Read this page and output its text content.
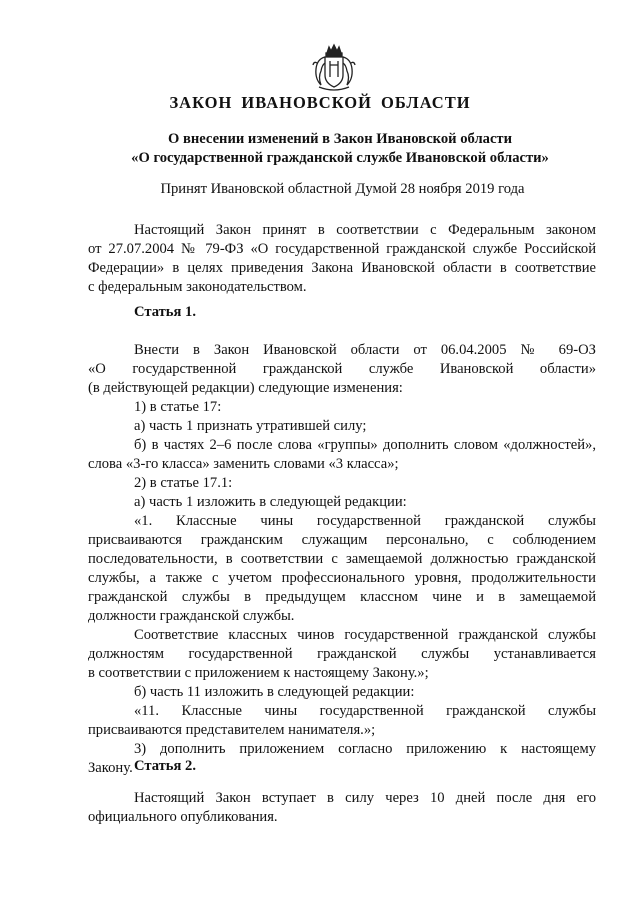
ЗАКОН ИВАНОВСКОЙ ОБЛАСТИ
О внесении изменений в Закон Ивановской области
«О государственной гражданской службе Ивановской области»
Принят Ивановской областной Думой 28 ноября 2019 года
Настоящий Закон принят в соответствии с Федеральным законом
от 27.07.2004 № 79-ФЗ «О государственной гражданской службе Российской
Федерации» в целях приведения Закона Ивановской области в соответствие
с федеральным законодательством.
Статья 1.
Внести в Закон Ивановской области от 06.04.2005 № 69-ОЗ
«О государственной гражданской службе Ивановской области»
(в действующей редакции) следующие изменения:
1) в статье 17:
а) часть 1 признать утратившей силу;
б) в частях 2–6 после слова «группы» дополнить словом «должностей»,
слова «3-го класса» заменить словами «3 класса»;
2) в статье 17.1:
а) часть 1 изложить в следующей редакции:
«1. Классные чины государственной гражданской службы
присваиваются гражданским служащим персонально, с соблюдением
последовательности, в соответствии с замещаемой должностью гражданской
службы, а также с учетом профессионального уровня, продолжительности
гражданской службы в предыдущем классном чине и в замещаемой
должности гражданской службы.
Соответствие классных чинов государственной гражданской службы
должностям государственной гражданской службы устанавливается
в соответствии с приложением к настоящему Закону.»;
б) часть 11 изложить в следующей редакции:
«11. Классные чины государственной гражданской службы
присваиваются представителем нанимателя.»;
3) дополнить приложением согласно приложению к настоящему
Закону. Статья 2.
Настоящий Закон вступает в силу через 10 дней после дня его
официального опубликования.
